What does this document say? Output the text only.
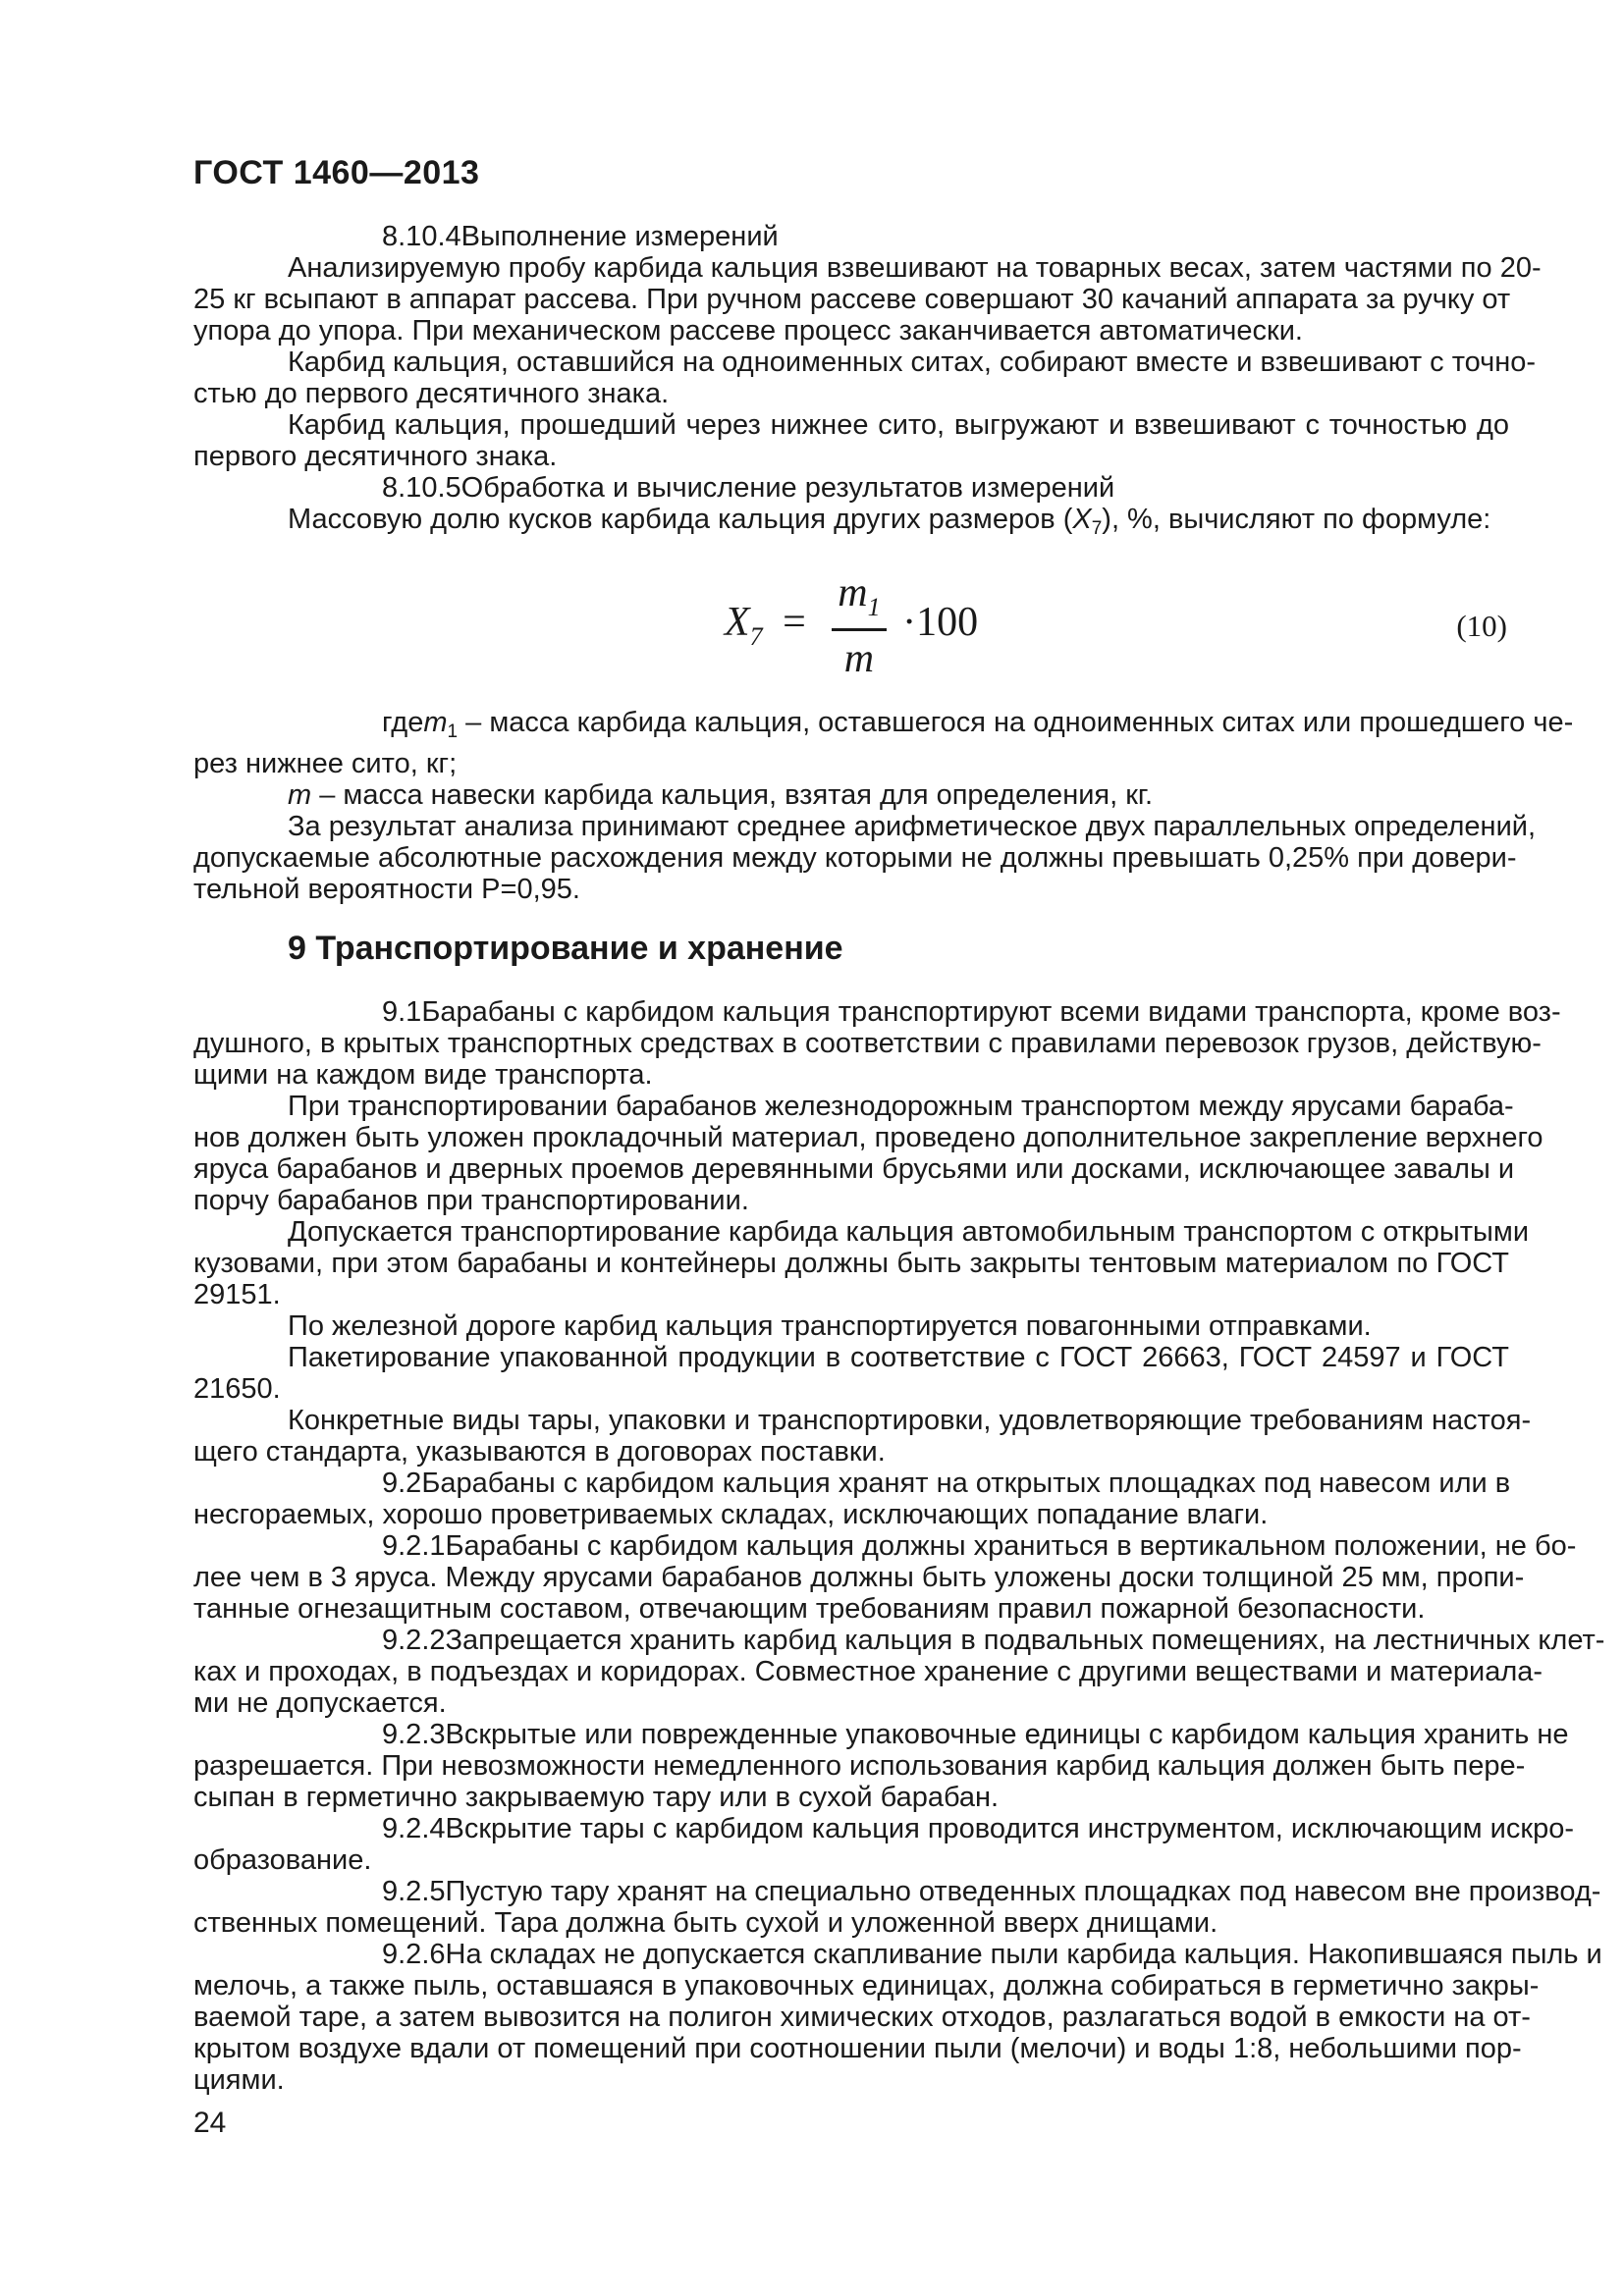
ГОСТ 1460—2013
8.10.4Выполнение измерений
Анализируемую пробу карбида кальция взвешивают на товарных весах, затем частями по 20-
25 кг всыпают в аппарат рассева. При ручном рассеве совершают 30 качаний аппарата за ручку от
упора до упора. При механическом рассеве процесс заканчивается автоматически.
Карбид кальция, оставшийся на одноименных ситах, собирают вместе и взвешивают с точно-
стью до первого десятичного знака.
Карбид кальция, прошедший через нижнее сито, выгружают и взвешивают с точностью до
первого десятичного знака.
8.10.5Обработка и вычисление результатов измерений
Массовую долю кусков карбида кальция других размеров $(X_7)$, %, вычисляют по формуле:
$X_7 = \frac{m_1}{m} \cdot 100$	(10)
гдеm$_1$ – масса карбида кальция, оставшегося на одноименных ситах или прошедшего че-
рез нижнее сито, кг;
m – масса навески карбида кальция, взятая для определения, кг.
За результат анализа принимают среднее арифметическое двух параллельных определений,
допускаемые абсолютные расхождения между которыми не должны превышать 0,25% при довери-
тельной вероятности Р=0,95.
9 Транспортирование и хранение
9.1Барабаны с карбидом кальция транспортируют всеми видами транспорта, кроме воз-
душного, в крытых транспортных средствах в соответствии с правилами перевозок грузов, действую-
щими на каждом виде транспорта.
При транспортировании барабанов железнодорожным транспортом между ярусами бараба-
нов должен быть уложен прокладочный материал, проведено дополнительное закрепление верхнего
яруса барабанов и дверных проемов деревянными брусьями или досками, исключающее завалы и
порчу барабанов при транспортировании.
Допускается транспортирование карбида кальция автомобильным транспортом с открытыми
кузовами, при этом барабаны и контейнеры должны быть закрыты тентовым материалом по ГОСТ
29151.
По железной дороге карбид кальция транспортируется повагонными отправками.
Пакетирование упакованной продукции в соответствие с ГОСТ 26663, ГОСТ 24597 и ГОСТ
21650.
Конкретные виды тары, упаковки и транспортировки, удовлетворяющие требованиям настоя-
щего стандарта, указываются в договорах поставки.
9.2Барабаны с карбидом кальция хранят на открытых площадках под навесом или в
несгораемых, хорошо проветриваемых складах, исключающих попадание влаги.
9.2.1Барабаны с карбидом кальция должны храниться в вертикальном положении, не бо-
лее чем в 3 яруса. Между ярусами барабанов должны быть уложены доски толщиной 25 мм, пропи-
танные огнезащитным составом, отвечающим требованиям правил пожарной безопасности.
9.2.2Запрещается хранить карбид кальция в подвальных помещениях, на лестничных клет-
ках и проходах, в подъездах и коридорах. Совместное хранение с другими веществами и материала-
ми не допускается.
9.2.3Вскрытые или поврежденные упаковочные единицы с карбидом кальция хранить не
разрешается. При невозможности немедленного использования карбид кальция должен быть пере-
сыпан в герметично закрываемую тару или в сухой барабан.
9.2.4Вскрытие тары с карбидом кальция проводится инструментом, исключающим искро-
образование.
9.2.5Пустую тару хранят на специально отведенных площадках под навесом вне производ-
ственных помещений. Тара должна быть сухой и уложенной вверх днищами.
9.2.6На складах не допускается скапливание пыли карбида кальция. Накопившаяся пыль и
мелочь, а также пыль, оставшаяся в упаковочных единицах, должна собираться в герметично закры-
ваемой таре, а затем вывозится на полигон химических отходов, разлагаться водой в емкости на от-
крытом воздухе вдали от помещений при соотношении пыли (мелочи) и воды 1:8, небольшими пор-
циями.
24
